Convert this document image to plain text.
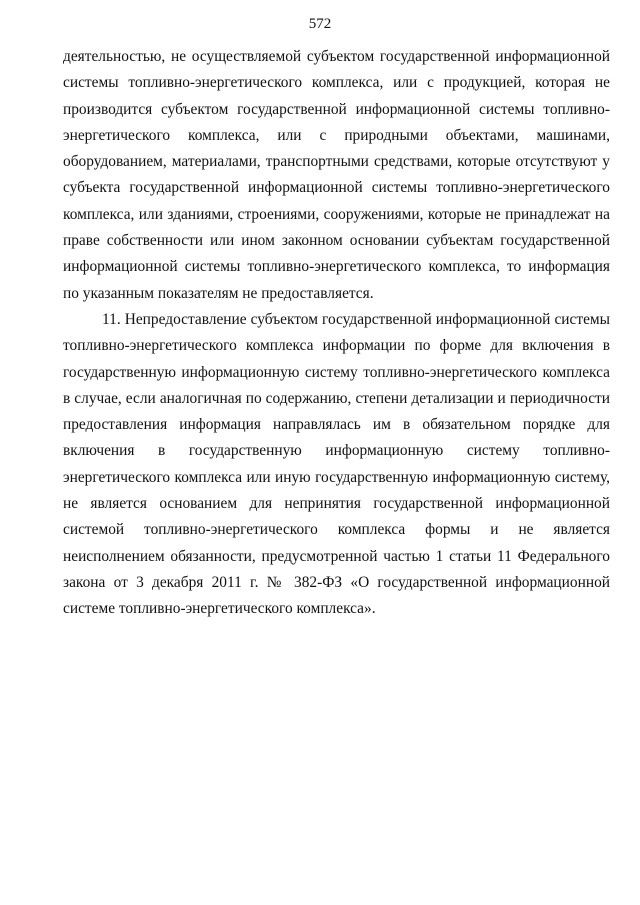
572

деятельностью, не осуществляемой субъектом государственной информационной системы топливно-энергетического комплекса, или с продукцией, которая не производится субъектом государственной информационной системы топливно-энергетического комплекса, или с природными объектами, машинами, оборудованием, материалами, транспортными средствами, которые отсутствуют у субъекта государственной информационной системы топливно-энергетического комплекса, или зданиями, строениями, сооружениями, которые не принадлежат на праве собственности или ином законном основании субъектам государственной информационной системы топливно-энергетического комплекса, то информация по указанным показателям не предоставляется.

11. Непредоставление субъектом государственной информационной системы топливно-энергетического комплекса информации по форме для включения в государственную информационную систему топливно-энергетического комплекса в случае, если аналогичная по содержанию, степени детализации и периодичности предоставления информация направлялась им в обязательном порядке для включения в государственную информационную систему топливно-энергетического комплекса или иную государственную информационную систему, не является основанием для непринятия государственной информационной системой топливно-энергетического комплекса формы и не является неисполнением обязанности, предусмотренной частью 1 статьи 11 Федерального закона от 3 декабря 2011 г. № 382-ФЗ «О государственной информационной системе топливно-энергетического комплекса».
